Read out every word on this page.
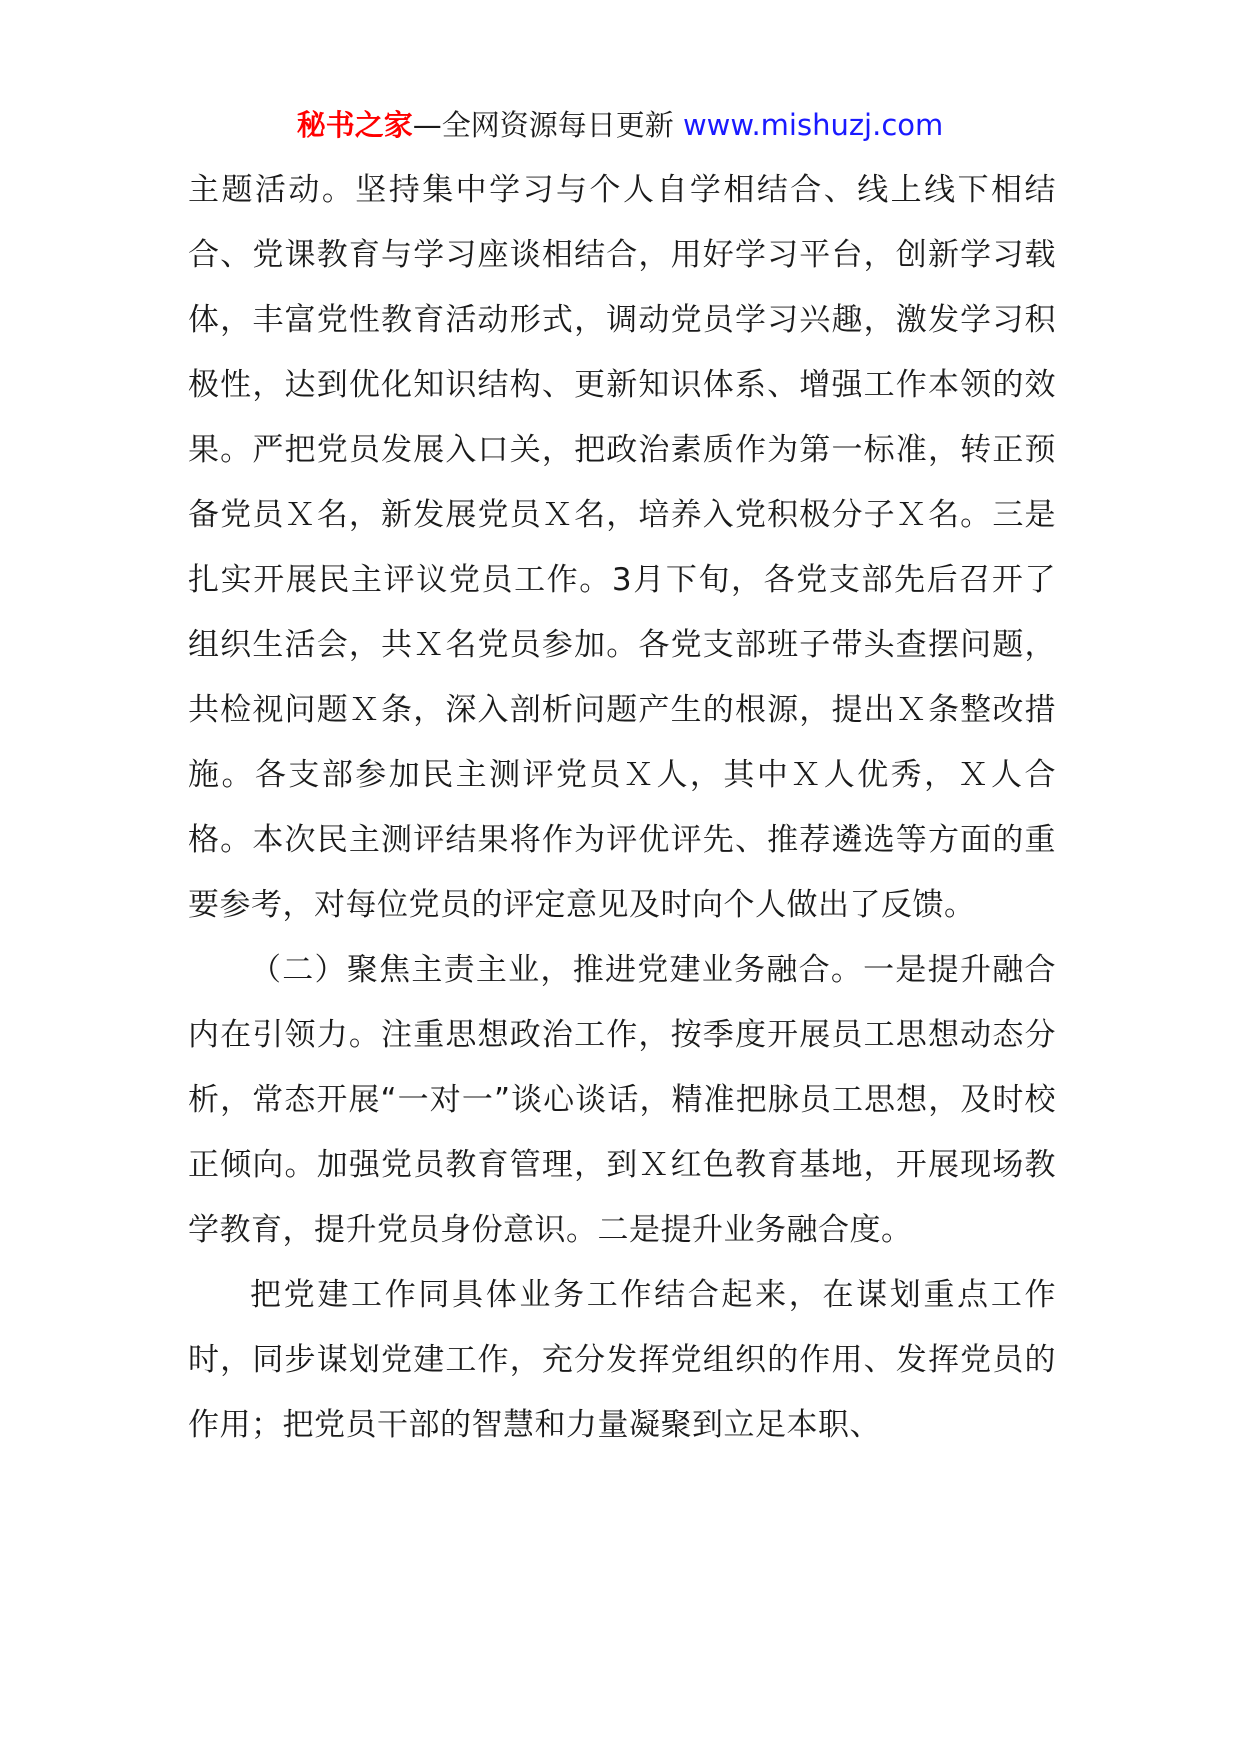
秘书之家—全网资源每日更新 www.mishuzj.com

主题活动。坚持集中学习与个人自学相结合、线上线下相结合、党课教育与学习座谈相结合，用好学习平台，创新学习载体，丰富党性教育活动形式，调动党员学习兴趣，激发学习积极性，达到优化知识结构、更新知识体系、增强工作本领的效果。严把党员发展入口关，把政治素质作为第一标准，转正预备党员Ｘ名，新发展党员Ｘ名，培养入党积极分子Ｘ名。三是扎实开展民主评议党员工作。3月下旬，各党支部先后召开了组织生活会，共Ｘ名党员参加。各党支部班子带头查摆问题，共检视问题Ｘ条，深入剖析问题产生的根源，提出Ｘ条整改措施。各支部参加民主测评党员Ｘ人，其中Ｘ人优秀，Ｘ人合格。本次民主测评结果将作为评优评先、推荐遴选等方面的重要参考，对每位党员的评定意见及时向个人做出了反馈。

（二）聚焦主责主业，推进党建业务融合。一是提升融合内在引领力。注重思想政治工作，按季度开展员工思想动态分析，常态开展“一对一”谈心谈话，精准把脉员工思想，及时校正倾向。加强党员教育管理，到Ｘ红色教育基地，开展现场教学教育，提升党员身份意识。二是提升业务融合度。

把党建工作同具体业务工作结合起来，在谋划重点工作时，同步谋划党建工作，充分发挥党组织的作用、发挥党员的作用；把党员干部的智慧和力量凝聚到立足本职、
